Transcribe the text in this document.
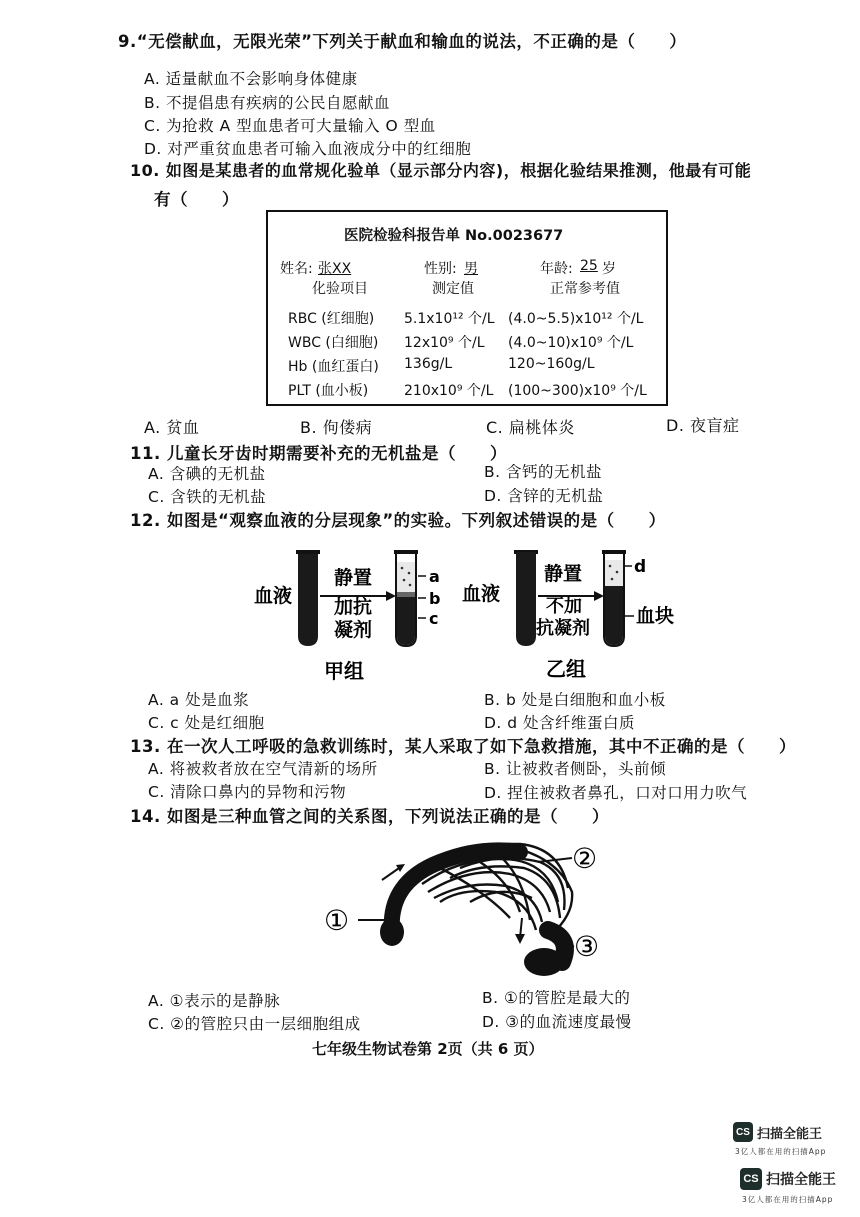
9.“无偿献血，无限光荣”下列关于献血和输血的说法，不正确的是（　　）
A. 适量献血不会影响身体健康
B. 不提倡患有疾病的公民自愿献血
C. 为抢救 A 型血患者可大量输入 O 型血
D. 对严重贫血患者可输入血液成分中的红细胞
10. 如图是某患者的血常规化验单（显示部分内容)，根据化验结果推测，他最有可能
有（　　）
医院检验科报告单 No.0023677
姓名: 张XX	性别: 男	年龄: 25 岁
化验项目	测定值	正常参考值
RBC (红细胞) 5.1x10¹² 个/L (4.0~5.5)x10¹² 个/L
WBC (白细胞) 12x10⁹ 个/L (4.0~10)x10⁹ 个/L
Hb (血红蛋白) 136g/L	120~160g/L
PLT (血小板)	210x10⁹ 个/L (100~300)x10⁹ 个/L
A. 贫血	B. 佝偻病	C. 扁桃体炎	D. 夜盲症
11. 儿童长牙齿时期需要补充的无机盐是（　　）
A. 含碘的无机盐	B. 含钙的无机盐
C. 含铁的无机盐	D. 含锌的无机盐
12. 如图是“观察血液的分层现象”的实验。下列叙述错误的是（　　）
血液
静置
加抗
凝剂
a
b
c
甲组
血液
静置
不加
抗凝剂
d
血块
乙组
A. a 处是血浆	B. b 处是白细胞和血小板
C. c 处是红细胞	D. d 处含纤维蛋白质
13. 在一次人工呼吸的急救训练时，某人采取了如下急救措施，其中不正确的是（　　）
A. 将被救者放在空气清新的场所	B. 让被救者侧卧，头前倾
C. 清除口鼻内的异物和污物	D. 捏住被救者鼻孔，口对口用力吹气
14. 如图是三种血管之间的关系图，下列说法正确的是（　　）
①
②
③
A. ①表示的是静脉	B. ①的管腔是最大的
C. ②的管腔只由一层细胞组成	D. ③的血流速度最慢
七年级生物试卷第 2页（共 6 页）
CS 扫描全能王
3亿人都在用的扫描App
CS 扫描全能王
3亿人都在用的扫描App
